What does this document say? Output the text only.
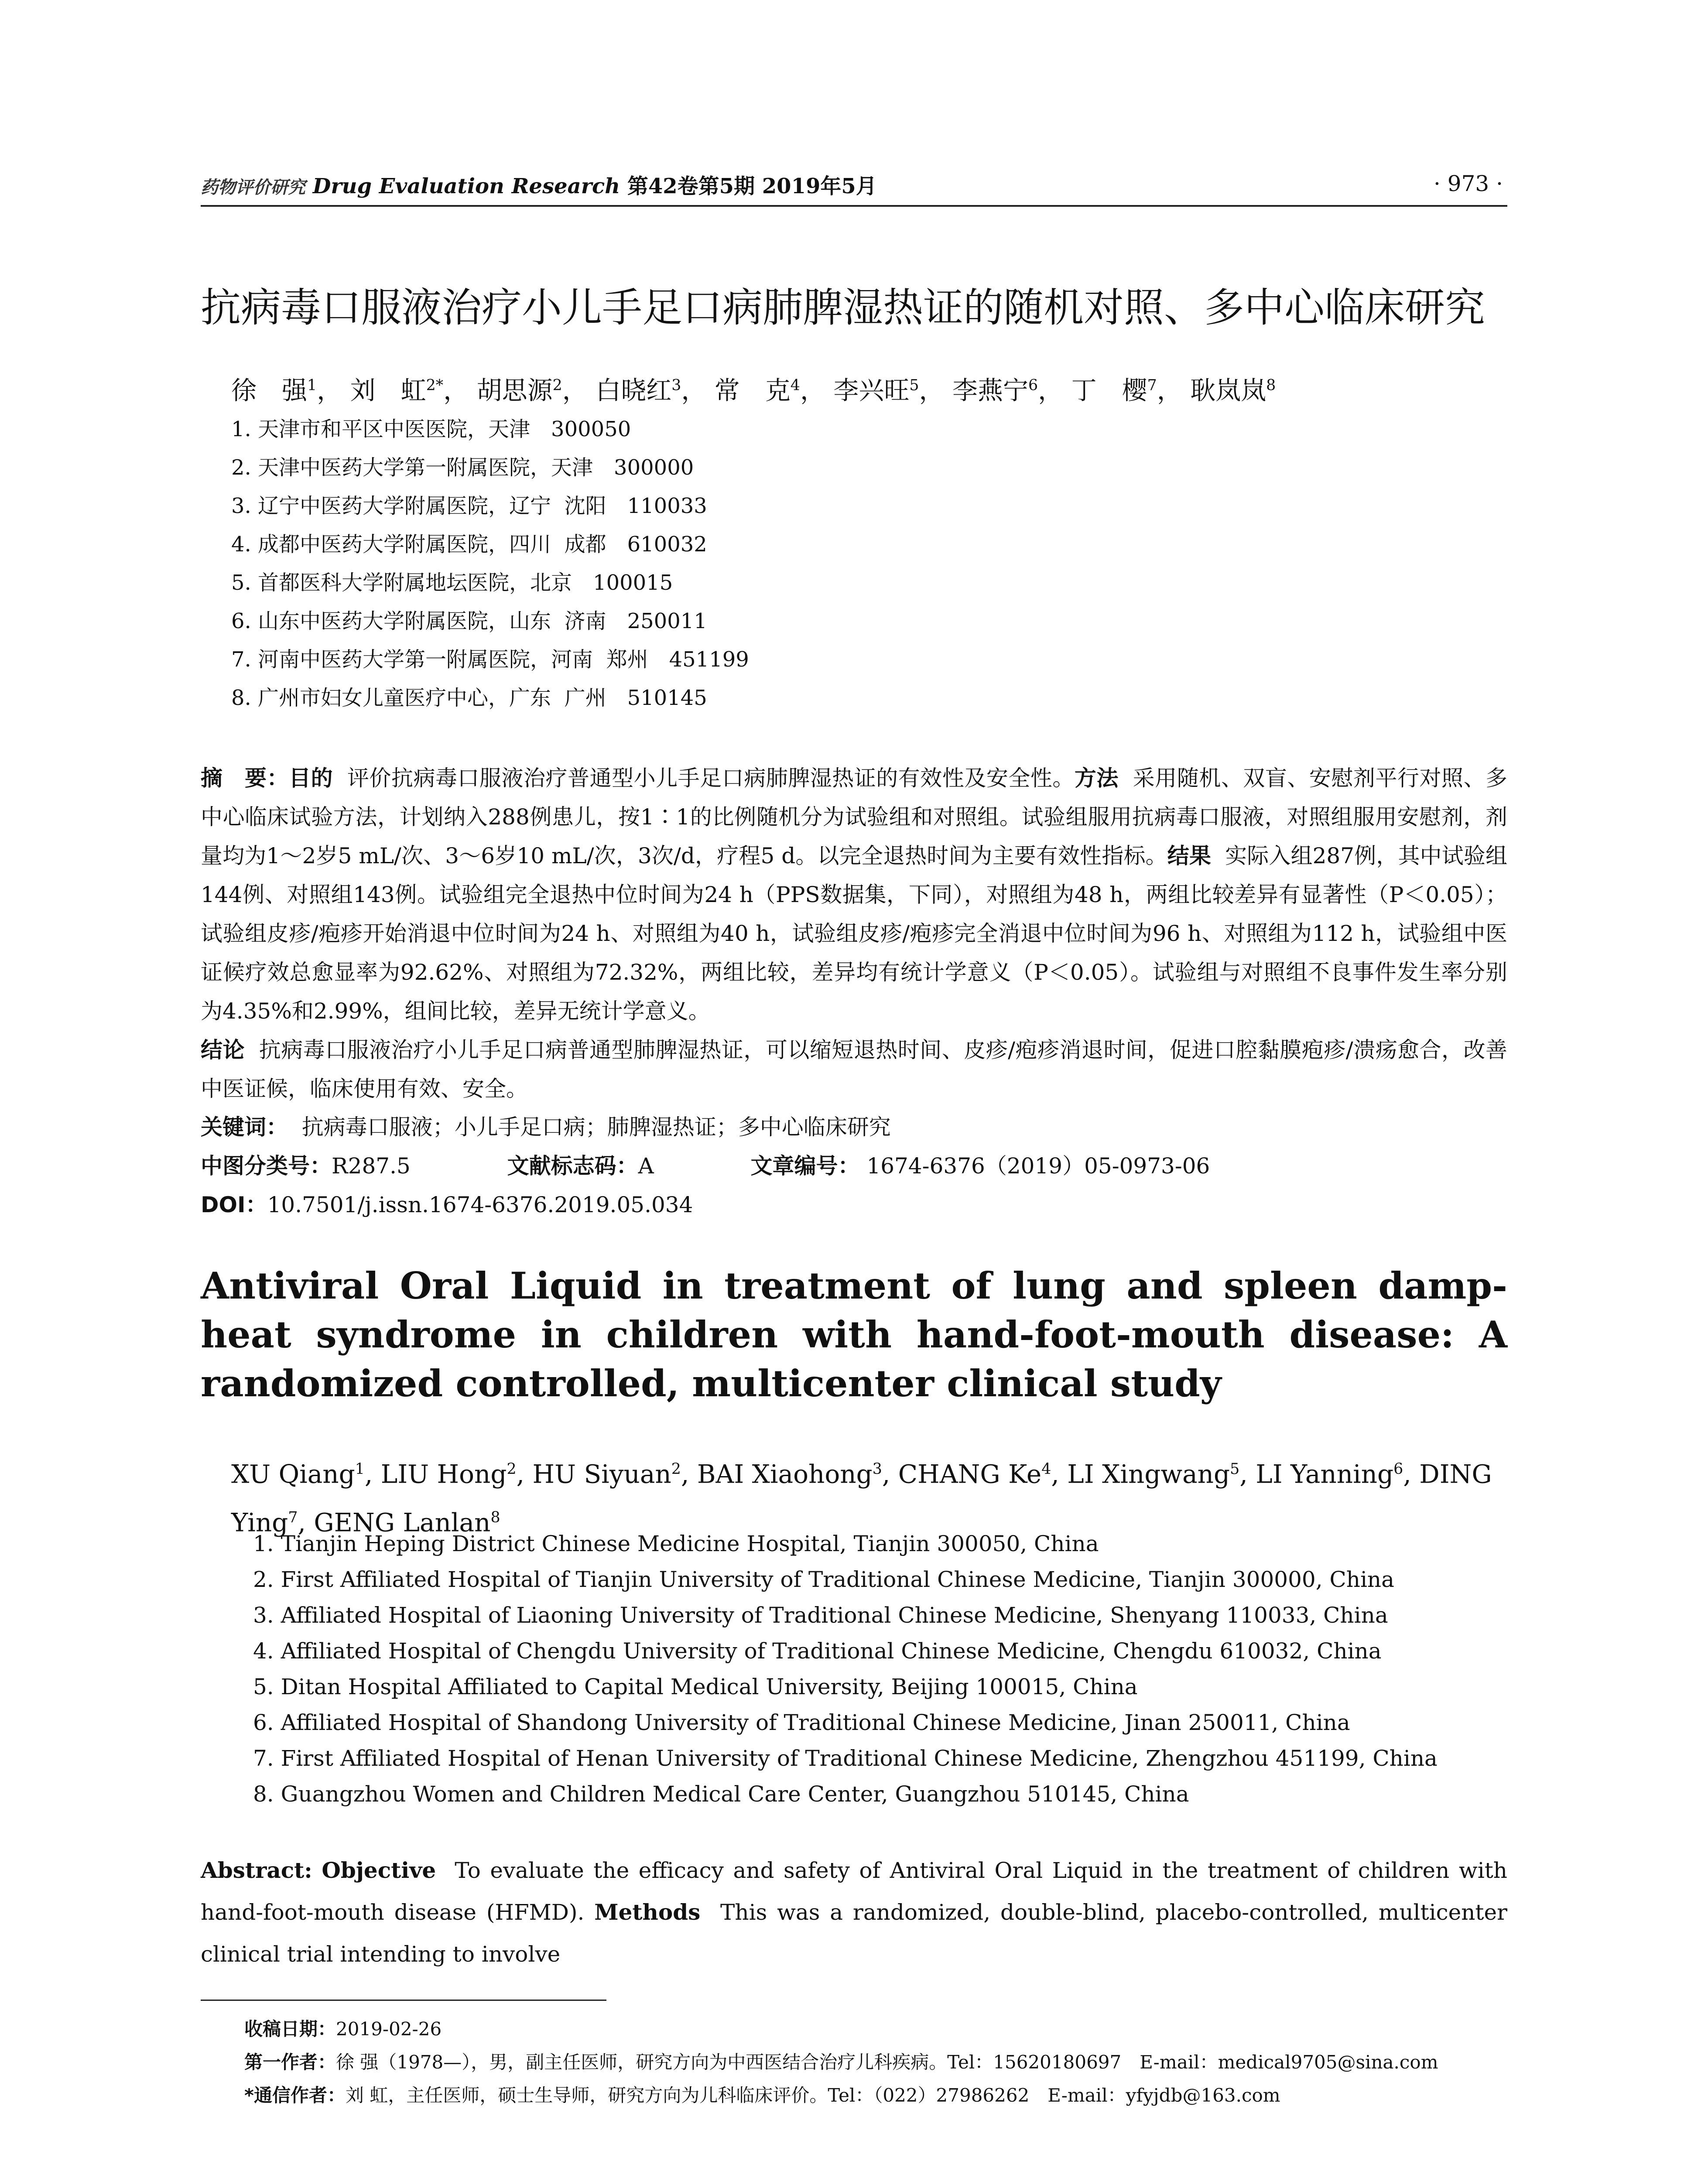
药物评价研究 Drug Evaluation Research 第42卷第5期 2019年5月	· 973 ·
抗病毒口服液治疗小儿手足口病肺脾湿热证的随机对照、多中心临床研究
徐　强$^1$， 刘　虹$^{2*}$， 胡思源$^2$， 白晓红$^3$， 常　克$^4$， 李兴旺$^5$， 李燕宁$^6$， 丁　樱$^7$， 耿岚岚$^8$
1. 天津市和平区中医医院，天津　300050
2. 天津中医药大学第一附属医院，天津　300000
3. 辽宁中医药大学附属医院，辽宁  沈阳　110033
4. 成都中医药大学附属医院，四川  成都　610032
5. 首都医科大学附属地坛医院，北京　100015
6. 山东中医药大学附属医院，山东  济南　250011
7. 河南中医药大学第一附属医院，河南  郑州　451199
8. 广州市妇女儿童医疗中心，广东  广州　510145
摘　要：目的 评价抗病毒口服液治疗普通型小儿手足口病肺脾湿热证的有效性及安全性。方法 采用随机、双盲、安慰剂平行对照、多中心临床试验方法，计划纳入288例患儿，按1∶1的比例随机分为试验组和对照组。试验组服用抗病毒口服液，对照组服用安慰剂，剂量均为1～2岁5 mL/次、3～6岁10 mL/次，3次/d，疗程5 d。以完全退热时间为主要有效性指标。结果 实际入组287例，其中试验组144例、对照组143例。试验组完全退热中位时间为24 h（PPS数据集，下同），对照组为48 h，两组比较差异有显著性（P＜0.05）；试验组皮疹/疱疹开始消退中位时间为24 h、对照组为40 h，试验组皮疹/疱疹完全消退中位时间为96 h、对照组为112 h，试验组中医证候疗效总愈显率为92.62%、对照组为72.32%，两组比较，差异均有统计学意义（P＜0.05）。试验组与对照组不良事件发生率分别为4.35%和2.99%，组间比较，差异无统计学意义。
结论 抗病毒口服液治疗小儿手足口病普通型肺脾湿热证，可以缩短退热时间、皮疹/疱疹消退时间，促进口腔黏膜疱疹/溃疡愈合，改善中医证候，临床使用有效、安全。
关键词： 抗病毒口服液；小儿手足口病；肺脾湿热证；多中心临床研究
中图分类号：R287.5	文献标志码：A	文章编号： 1674-6376（2019）05-0973-06
DOI：10.7501/j.issn.1674-6376.2019.05.034
Antiviral Oral Liquid in treatment of lung and spleen damp-heat syndrome in children with hand-foot-mouth disease: A randomized controlled, multicenter clinical study
XU Qiang$^1$, LIU Hong$^2$, HU Siyuan$^2$, BAI Xiaohong$^3$, CHANG Ke$^4$, LI Xingwang$^5$, LI Yanning$^6$, DING Ying$^7$, GENG Lanlan$^8$
1. Tianjin Heping District Chinese Medicine Hospital, Tianjin 300050, China
2. First Affiliated Hospital of Tianjin University of Traditional Chinese Medicine, Tianjin 300000, China
3. Affiliated Hospital of Liaoning University of Traditional Chinese Medicine, Shenyang 110033, China
4. Affiliated Hospital of Chengdu University of Traditional Chinese Medicine, Chengdu 610032, China
5. Ditan Hospital Affiliated to Capital Medical University, Beijing 100015, China
6. Affiliated Hospital of Shandong University of Traditional Chinese Medicine, Jinan 250011, China
7. First Affiliated Hospital of Henan University of Traditional Chinese Medicine, Zhengzhou 451199, China
8. Guangzhou Women and Children Medical Care Center, Guangzhou 510145, China
Abstract: Objective To evaluate the efficacy and safety of Antiviral Oral Liquid in the treatment of children with hand-foot-mouth disease (HFMD). Methods This was a randomized, double-blind, placebo-controlled, multicenter clinical trial intending to involve
收稿日期：2019-02-26
第一作者：徐 强（1978—），男，副主任医师，研究方向为中西医结合治疗儿科疾病。Tel：15620180697　E-mail：medical9705@sina.com
*通信作者：刘 虹，主任医师，硕士生导师，研究方向为儿科临床评价。Tel：（022）27986262　E-mail：yfyjdb@163.com
